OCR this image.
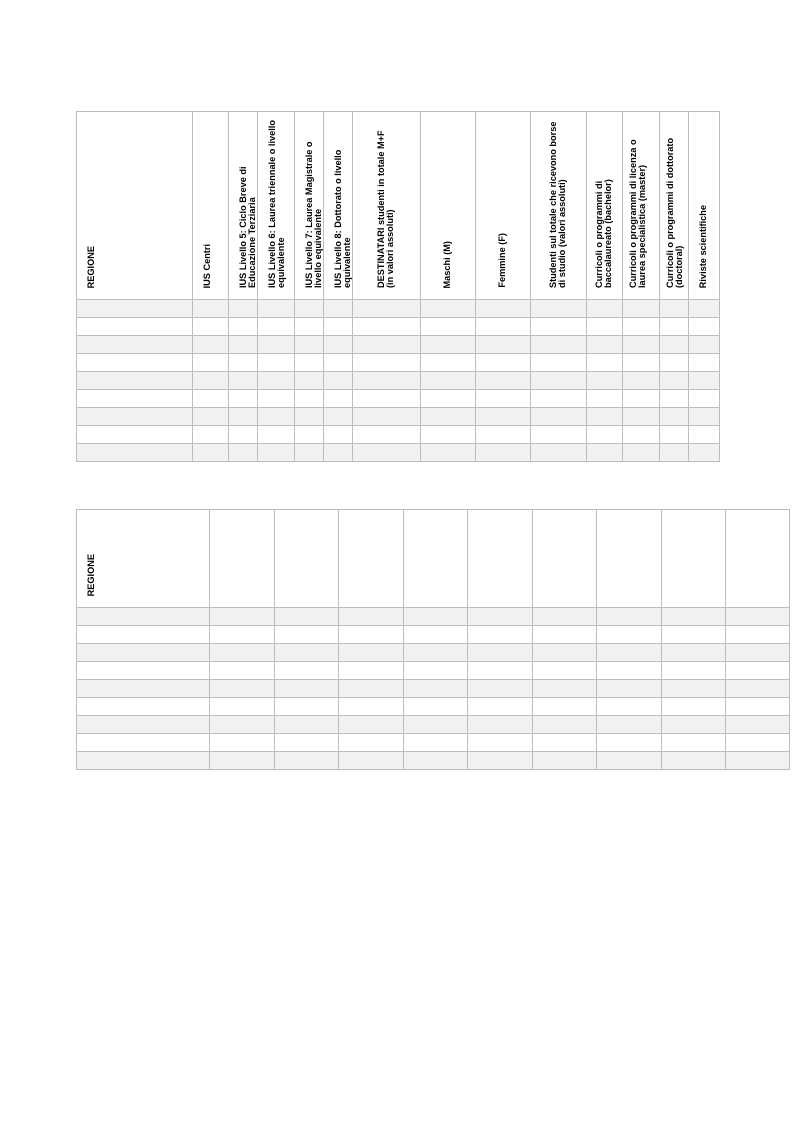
REGIONE	IUS Centri	IUS Livello 5: Ciclo Breve di Educazione Terziaria	IUS Livello 6: Laurea triennale o livello equivalente	IUS Livello 7: Laurea Magistrale o livello equivalente	IUS Livello 8: Dottorato o livello equivalente	DESTINATARI studenti in totale M+F (in valori assoluti)	Maschi (M)	Femmine (F)	Studenti sul totale che ricevono borse di studio (valori assoluti)	Curricoli o programmi di baccalaureato (bachelor)	Curricoli o programmi di licenza o laurea specialistica (master)	Curricoli o programmi di dottorato (doctoral)	Riviste scientifiche

REGIONE									
